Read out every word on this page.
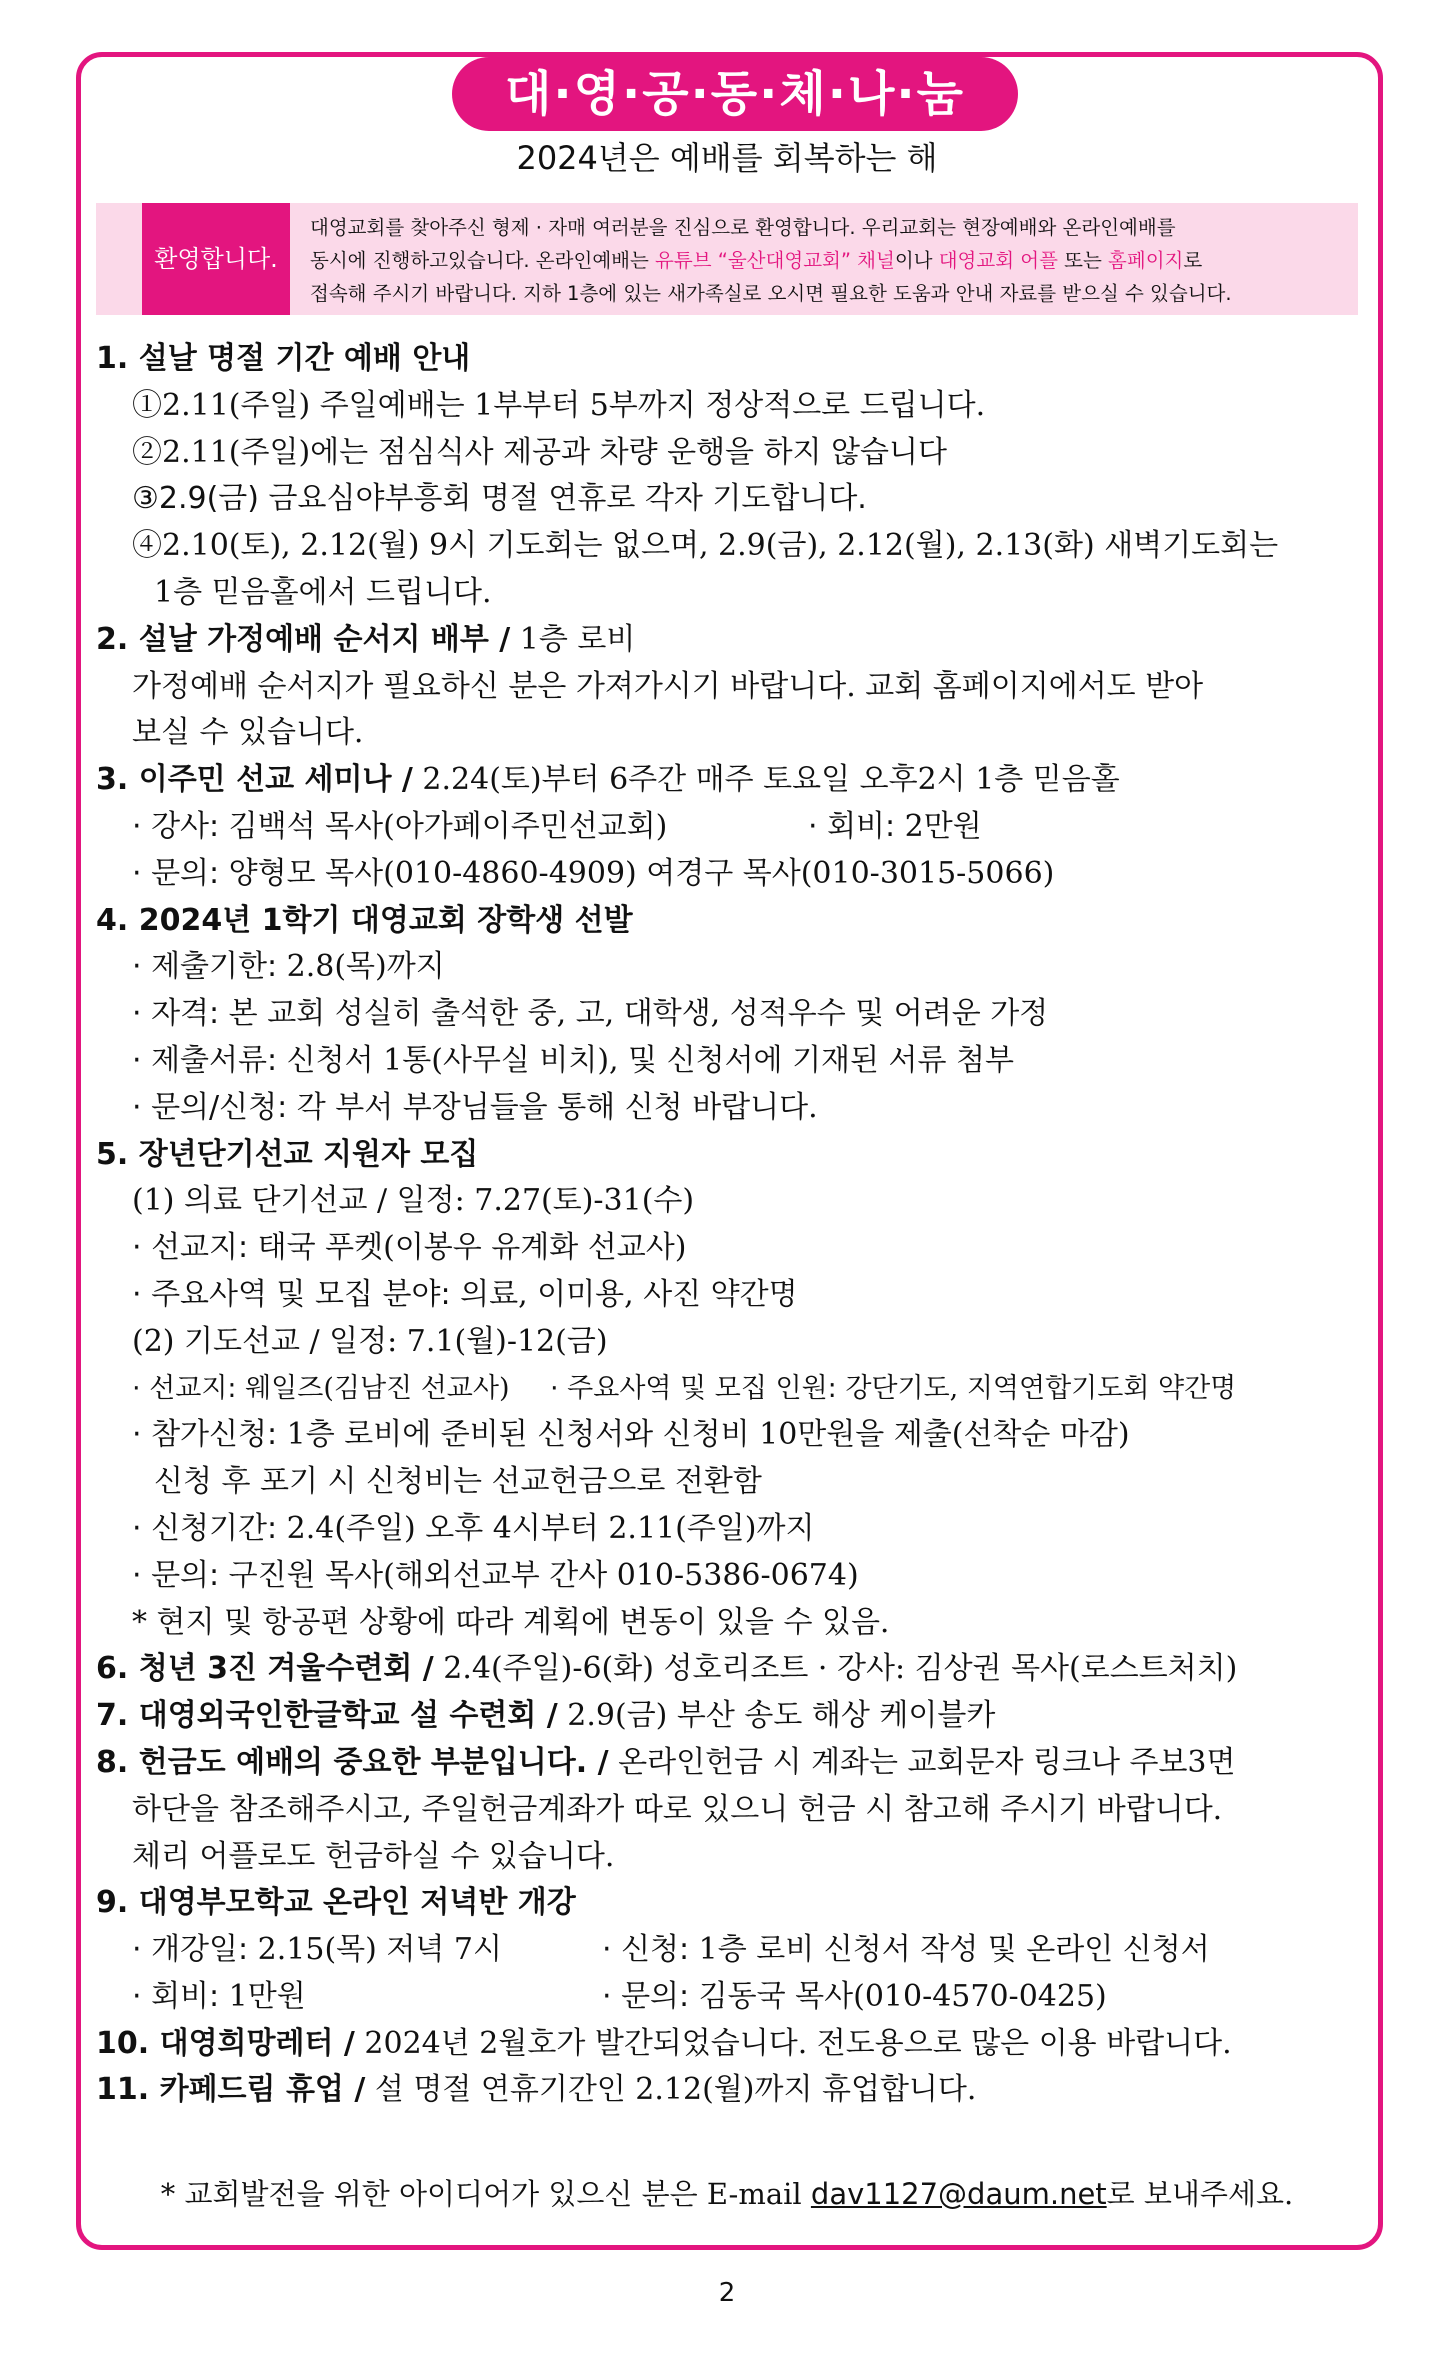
대·영·공·동·체·나·눔
2024년은 예배를 회복하는 해
환영합니다.
대영교회를 찾아주신 형제 · 자매 여러분을 진심으로 환영합니다. 우리교회는 현장예배와 온라인예배를
동시에 진행하고있습니다. 온라인예배는 유튜브 “울산대영교회” 채널이나 대영교회 어플 또는 홈페이지로
접속해 주시기 바랍니다. 지하 1층에 있는 새가족실로 오시면 필요한 도움과 안내 자료를 받으실 수 있습니다.
1. 설날 명절 기간 예배 안내
①2.11(주일) 주일예배는 1부부터 5부까지 정상적으로 드립니다.
②2.11(주일)에는 점심식사 제공과 차량 운행을 하지 않습니다
③2.9(금) 금요심야부흥회 명절 연휴로 각자 기도합니다.
④2.10(토), 2.12(월) 9시 기도회는 없으며, 2.9(금), 2.12(월), 2.13(화) 새벽기도회는
1층 믿음홀에서 드립니다.
2. 설날 가정예배 순서지 배부 / 1층 로비
가정예배 순서지가 필요하신 분은 가져가시기 바랍니다. 교회 홈페이지에서도 받아
보실 수 있습니다.
3. 이주민 선교 세미나 / 2.24(토)부터 6주간 매주 토요일 오후2시 1층 믿음홀
· 강사: 김백석 목사(아가페이주민선교회)	· 회비: 2만원
· 문의: 양형모 목사(010-4860-4909) 여경구 목사(010-3015-5066)
4. 2024년 1학기 대영교회 장학생 선발
· 제출기한: 2.8(목)까지
· 자격: 본 교회 성실히 출석한 중, 고, 대학생, 성적우수 및 어려운 가정
· 제출서류: 신청서 1통(사무실 비치), 및 신청서에 기재된 서류 첨부
· 문의/신청: 각 부서 부장님들을 통해 신청 바랍니다.
5. 장년단기선교 지원자 모집
(1) 의료 단기선교 / 일정: 7.27(토)-31(수)
· 선교지: 태국 푸켓(이봉우 유계화 선교사)
· 주요사역 및 모집 분야: 의료, 이미용, 사진 약간명
(2) 기도선교 / 일정: 7.1(월)-12(금)
· 선교지: 웨일즈(김남진 선교사) · 주요사역 및 모집 인원: 강단기도, 지역연합기도회 약간명
· 참가신청: 1층 로비에 준비된 신청서와 신청비 10만원을 제출(선착순 마감)
신청 후 포기 시 신청비는 선교헌금으로 전환함
· 신청기간: 2.4(주일) 오후 4시부터 2.11(주일)까지
· 문의: 구진원 목사(해외선교부 간사 010-5386-0674)
* 현지 및 항공편 상황에 따라 계획에 변동이 있을 수 있음.
6. 청년 3진 겨울수련회 / 2.4(주일)-6(화) 성호리조트 · 강사: 김상권 목사(로스트처치)
7. 대영외국인한글학교 설 수련회 / 2.9(금) 부산 송도 해상 케이블카
8. 헌금도 예배의 중요한 부분입니다. / 온라인헌금 시 계좌는 교회문자 링크나 주보3면
하단을 참조해주시고, 주일헌금계좌가 따로 있으니 헌금 시 참고해 주시기 바랍니다.
체리 어플로도 헌금하실 수 있습니다.
9. 대영부모학교 온라인 저녁반 개강
· 개강일: 2.15(목) 저녁 7시	· 신청: 1층 로비 신청서 작성 및 온라인 신청서
· 회비: 1만원	· 문의: 김동국 목사(010-4570-0425)
10. 대영희망레터 / 2024년 2월호가 발간되었습니다. 전도용으로 많은 이용 바랍니다.
11. 카페드림 휴업 / 설 명절 연휴기간인 2.12(월)까지 휴업합니다.
* 교회발전을 위한 아이디어가 있으신 분은 E-mail dav1127@daum.net로 보내주세요.
2
